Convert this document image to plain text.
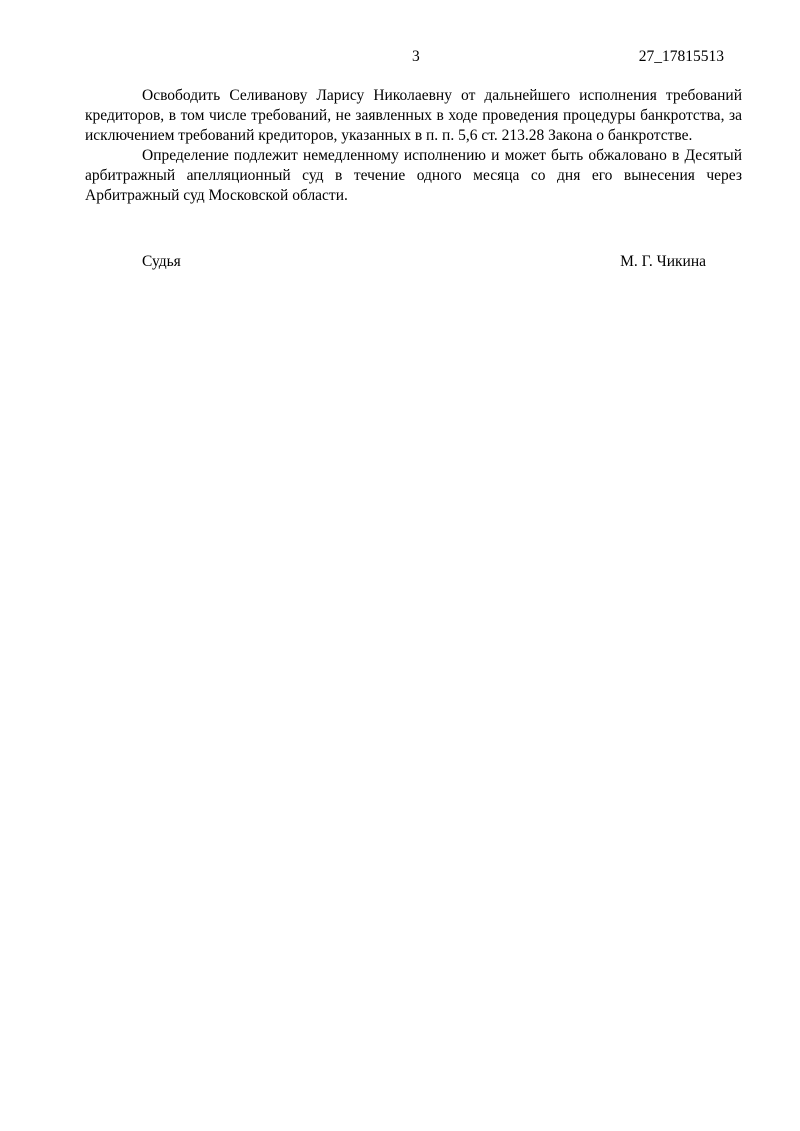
3	27_17815513

Освободить Селиванову Ларису Николаевну от дальнейшего исполнения требований кредиторов, в том числе требований, не заявленных в ходе проведения процедуры банкротства, за исключением требований кредиторов, указанных в п. п. 5,6 ст. 213.28 Закона о банкротстве.

Определение подлежит немедленному исполнению и может быть обжаловано в Десятый арбитражный апелляционный суд в течение одного месяца со дня его вынесения через Арбитражный суд Московской области.

Судья	М. Г. Чикина
